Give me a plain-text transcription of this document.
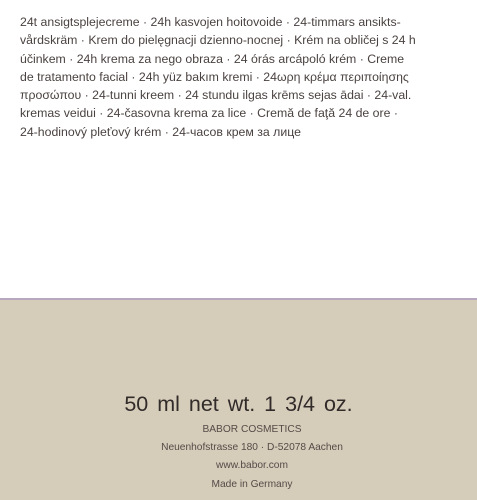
24t ansigtsplejecreme · 24h kasvojen hoitovoide · 24-timmars ansikts-
vårdskräm · Krem do pielęgnacji dzienno-nocnej · Krém na obličej s 24 h
účinkem · 24h krema za nego obraza · 24 órás arcápoló krém · Creme
de tratamento facial · 24h yüz bakım kremi · 24ωρη κρέμα περιποίησης
προσώπου · 24-tunni kreem · 24 stundu ilgas krēms sejas ādai · 24-val.
kremas veidui · 24-časovna krema za lice · Cremă de faţă 24 de ore ·
24-hodinový pleťový krém · 24-часов крем за лице

50 ml net wt. 1 3/4 oz.
BABOR COSMETICS
Neuenhofstrasse 180 · D-52078 Aachen
www.babor.com
Made in Germany
